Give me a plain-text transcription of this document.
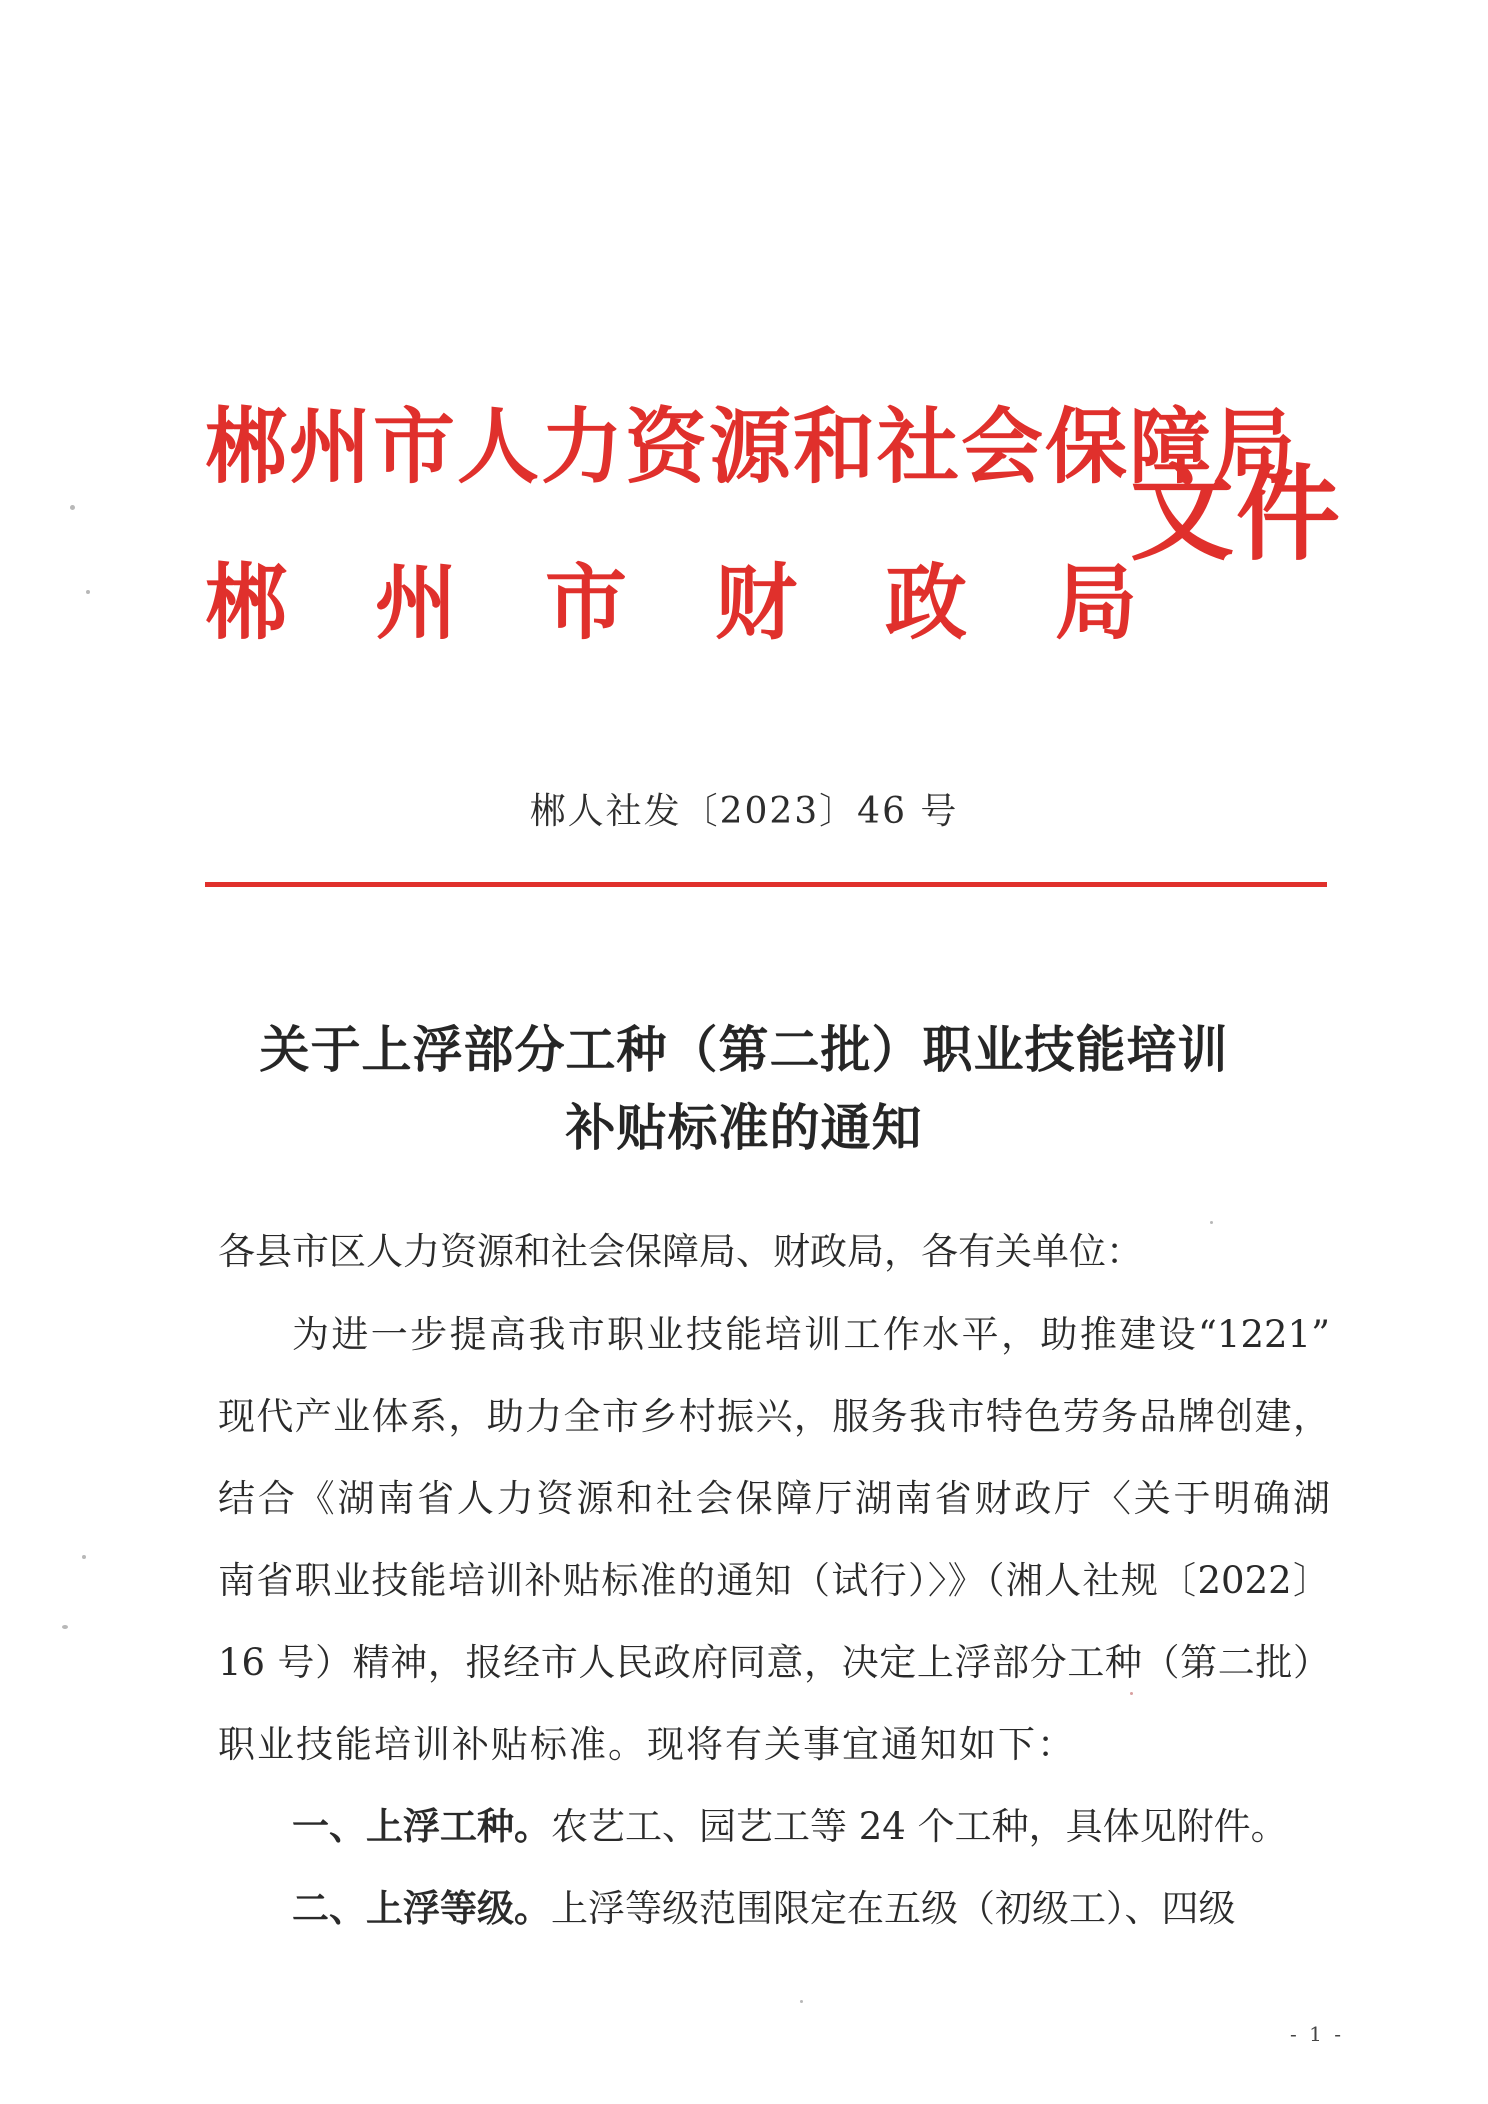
郴州市人力资源和社会保障局
郴州市财政局
文件
郴人社发〔2023〕46 号
关于上浮部分工种（第二批）职业技能培训
补贴标准的通知
各县市区人力资源和社会保障局、财政局，各有关单位：
为进一步提高我市职业技能培训工作水平，助推建设“1221”
现代产业体系，助力全市乡村振兴，服务我市特色劳务品牌创建，
结合《湖南省人力资源和社会保障厅湖南省财政厅〈关于明确湖
南省职业技能培训补贴标准的通知（试行）〉》（湘人社规〔2022〕
16 号）精神，报经市人民政府同意，决定上浮部分工种（第二批）
职业技能培训补贴标准。现将有关事宜通知如下：
一、上浮工种。农艺工、园艺工等 24 个工种，具体见附件。
二、上浮等级。上浮等级范围限定在五级（初级工）、四级
- 1 -
